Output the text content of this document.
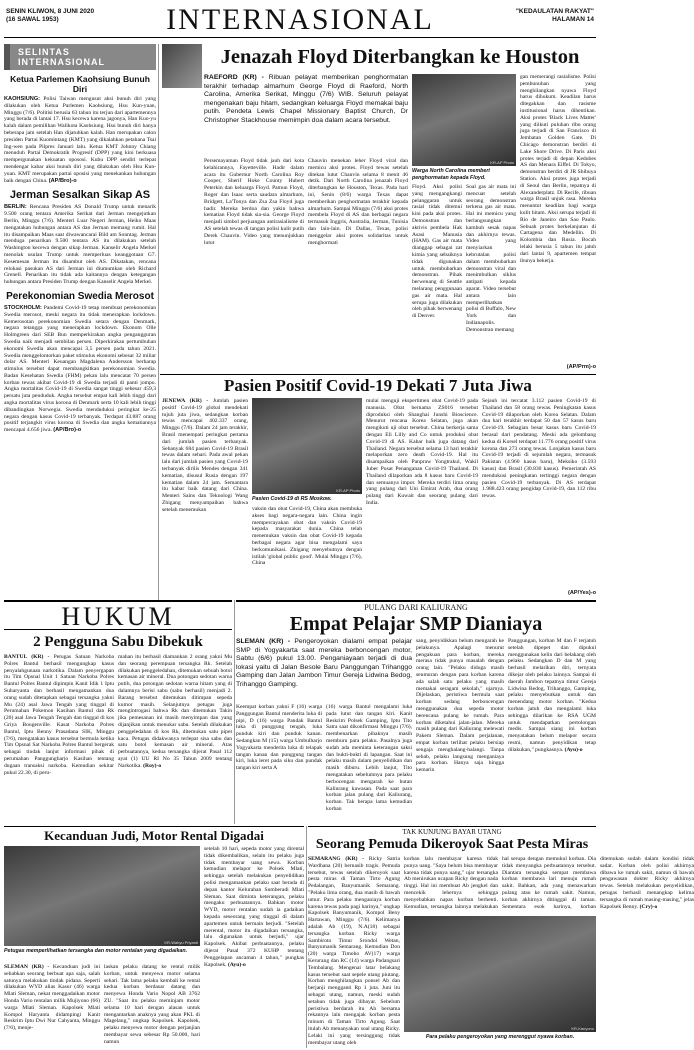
SENIN KLIWON, 8 JUNI 2020
(16 SAWAL 1953)	INTERNASIONAL	"KEDAULATAN RAKYAT"
HALAMAN 14
SELINTAS INTERNASIONAL
Ketua Parlemen Kaohsiung Bunuh Diri
KAOHSIUNG: Polisi Taiwan mengusut aksi bunuh diri yang dilakukan oleh Ketua Parlemen Kaohsiung, Hsu Kun-yuan, Minggu (7/6). Politisi berusia 63 tahun itu terjun dari apartemennya yang berada di lantai 17. Hsu kecewa karena jagonya, Han Kuo-yu kalah dalam pemilihan Walikota Kaohsiung. Hsu bunuh diri hanya beberapa jam setelah Han dijatuhkan kalah. Han merupakan calon presiden Partai Kuomintang (KMT) yang dikalahkan petahana Tsai Ing-wen pada Pilpres Januari lalu. Ketua KMT Johnny Chiang menuduh Partai Demokratik Progresif (DPP) yang kini berkuasa mempergunakan kekuatan opososi. Kubu DPP sendiri terlepat mendengar kabar aksi bunuh diri yang dilakukan oleh Hsu Kun-yuan. KMT merupakan partai oposisi yang menekankan hubungan baik dengan China. (AP/Bro)-o
Jerman Sesalkan Sikap AS
BERLIN: Rencana Presiden AS Donald Trump untuk menarik 9.500 orang tentara Amerika Serikat dari Jerman mengejutkan Berlin, Minggu (7/6). Menteri Luar Negeri Jerman, Heiko Maas mengatakan hubungan antara AS dan Jerman memang rumit. Hal itu disampaikan Maas saat diwawancarai Bild am Sonntag. Jerman menduga penarikan 9.500 tentara AS itu dilakukan setelah Washington kecewa dengan sikap Jerman. Kanselir Angela Merkel menolak usulan Trump untuk memperluas keanggotaan G7. Kesemesan Jerman itu disambut oleh AS. Dikatakan, rencana relokasi pasukan AS dari Jerman ini diumumkan oleh Richard Grenell. Penarikan itu tidak ada kaitannya dengan ketegangan hubungan antara Presiden Trump dengan Kanselir Angela Merkel.
Perekonomian Swedia Merosot
STOCKHOLM: Pandemi Covid-19 tetap membuat perekonomian Swedia merosot, meski negara itu tidak menerapkan lockdown. Kemerosotan perekonomian Swedia setara dengan Denmark, negara tetangga yang menerapkan lockdown. Ekonom Olle Holmgreen dari SEB Bun memperkirakan angka pengangguran Swedia naik menjadi sembilan persen. Diperkirakan pertumbuhan ekonomi Swedia akan mencapai 3,5 persen pada tahun 2021. Swedia menggelontorkan paket stimulus ekonomi sebesar 32 miliar dolar AS. Menteri Keuangan Magdalena Andersson berharap stimulus tersebut dapat membangkitkan perekonomian Swedia. Badan Kesehatan Swedia (FHM) pekan lalu mencatat 70 persen korban tewas akibat Covid-19 di Swedia terjadi di panti jompo. Angka mortalitas Covid-19 di Swedia sangat tinggi sebesar 459,3 persatu juta penduduk. Angka tersebut empat kali lebih tinggi dari angka mortalitas virus korona di Denmark serta 10 kali lebih tinggi dibandingkan Norwegia. Swedia mendudukui peringkat ke-25 negara dengan kasus Covid-19 terbanyak. Terdapat 43.887 orang positif terjangkit virus korona di Swedia dan angka kematiannya mencapai 4.656 jiwa. (AP/Bro)-o
Jenazah Floyd Diterbangkan ke Houston
RAEFORD (KR) - Ribuan pelayat memberikan penghormatan terakhir terhadap almarhum George Floyd di Raeford, North Carolina, Amerika Serikat, Minggu (7/6) WIB. Seluruh pelayat mengenakan baju hitam, sedangkan keluarga Floyd memakai baju putih. Pendeta Lewis Chapel Missionary Baptist Church, Dr Christopher Stackhouse memimpin doa dalam acara tersebut.
Persemayaman Floyd tidak jauh dari kota kelahirannya, Fayetteville. Hadir dalam acara itu Gubernur North Carolina Roy Cooper, Sherif Hoke County Hubert Peterkin dan keluarga Floyd. Pamun Floyd, Roger dan Isaac serta saudara almarhum, Bridgett, La'Tonya dan Zsa Zsa Floyd juga hadir. Mereka berdoa dan yakin bahwa kematian Floyd tidak sia-sia. George Floyd menjadi simbol perjuangan antirasialisme di AS setelah tewas di tangan polisi kulit putih Derek Chauvin. Video yang menunjukkan lutut
Chauvin menekan leher Floyd viral dan memicu aksi protes. Floyd tewas setelah ditekan lutut Chauvin selama 8 menit 46 detik. Dari North Carolina jenazah Floyd diterbangkan ke Houston, Texas. Pada hari ini, Senin (8/6) warga Texas dapat memberikan penghormatan terakhir kepada almarhum. Sampai Minggu (7/6) aksi protes membela Floyd di AS dan berbagai negara termasuk Inggris, Australia, Jerman, Tunisia dan lain-lain. Di Dallas, Texas, polisi menggelar aksi protes solidaritas untuk menghormati
KR-AP Photo
Warga North Carolina memberi penghormatan kepada Floyd.
Floyd. Aksi polisi yang mengangkangi pelanggaran untuk rasial tidak ditemui kini pada aksi protes. Demonstran dan aktivis pembela Hak Asasi Manusia (HAM). Gas air mata dianggap sebagai zat kimia yang sebaiknya tidak digunakan untuk membubarkan demonstran. Pihak berwenang di Seattle melarang penggunaan gas air mata. Hal serupa juga dilakukan oleh pihak berwenang di Denver.
Soal gas air mata ini mencuat setelah seorang demonstran terkena gas air mata. Hal ini memicu yang berlangsungkan kambuh sesak napas dan akhirnya tewas. Video yang menyiarkan kebrutalan polisi dalam membubarkan demonstran viral dan menimbulkan siklus antipati kepada aparat. Video tersebut antara lain memperlihatkan polisi di Buffalo, New York dan Indianapolis. Demonstran memang
gan memerangi rasialisme. Polisi pembunuhan yang menghilangkan nyawa Floyd harus dihukum. Keadilan harus ditegakkan dan rasisme institusional harus dihentikan. Aksi protes 'Black Lives Matter' yang diikuti puluhan ribu orang juga terjadi di San Francisco di Jembatan Golden Gate. Di Chicago demonstran berdiri di Lake Shore Drive. Di Paris aksi protes terjadi di depan Kedubes AS dan Menara Eiffel. Di Tokyo, demonstran berdiri di JR Shibuya Station. Aksi protes juga terjadi di Seoul dan Berlin, tepatnya di Alexanderplatz. Di Recife, ribuan warga Brasil unjuk rasa. Mereka menuntut keadilan bagi warga kulit hitam. Aksi serupa terjadi di Rio de Janeiro dan Sao Paulo. Sebuah protes berkelanjutan di Cartagena dan Medellin. Di Kolombia dan Rusia. Bocah lelaki berusia 5 tahun itu jatuh dari lantai 9, apartemen tempat ibunya bekerja.
(AP/Prm)-o
Pasien Positif Covid-19 Dekati 7 Juta Jiwa
JENEWA (KR) - Jumlah pasien positif Covid-19 global mendekati tujuh juta jiwa, sedangkan korban tewas mencapai 402.337 orang, Minggu (7/6). Dalam 24 jam terakhir, Brasil menempati peringkat pertama dari jumlah pasien terbanyak. Sebanyak 684 pasien Covid-19 Brasil tewas dalam sehari. Pada awal pekan lalu dari jumlah pasien yang Covid-19 terbanyak dirilis Mendes dengan 341 kematian, disusul Rusia dengan 197 kematian dalam 24 jam. Semantara itu kabar baik datang dari China. Menteri Sains dan Teknologi Wang Zhigang menyampaikan bahwa setelah menemukan
KR-AP Photo
Pasien Covid-19 di RS Moskow.
vaksin dan obat Covid-19, China akan membuka akses bagi negara-negara lain. China ingin mempercayakan obat dan vaksin Covid-19 kepada masyarakat dunia. China telah menemukan vaksin dan obat Covid-19 kepada berbagai negara agar bisa mengalami saya berkomunikasi. Zhigang menyebutnya dengan istilah 'global public good'. Mulai Minggu (7/6), China
mulai menguji ekspertimen obat Covid-19 pada manusia. Obat bernama ZS016 tersebut diproduksi oleh Shanghai Junshi Bioscience. Menurut rencana Korea Selatan, juga akan mengikuti uji obat tersebut. China berkerja sama dengan Eli Lilly and Co untuk produksi obat Covid-19 di AS. Kabar baik juga datang dari Thailand. Negara tersebut selama 13 hari terakhir melaporkan zero death Covid-19. Hal itu disampaikan oleh Panpraw Yongtrakul, Wakil Juber Pusat Penanganan Covid-19 Thailand. Di Thailand dilaporkan ada 8 kasus baru Covid-19 dan semuanya impor. Mereka terdiri lima orang yang pulang dari Uni Emirat Arab, dua orang pulang dari Kuwait dan seorang pulang dari India.
Sejauh ini tercatat 3.112 pasien Covid-19 di Thailand dan 58 orang tewas. Peningkatan kasus Covid-19 dilaporkan oleh Korea Selatan. Dalam dua hari terakhir terdapat 50 dan 57 kasus baru Covid-19. Sebagian besar kasus baru Covid-19 berasal dari pendatang. Meski ada gelombang kedua di Korsel terdapat 11.776 orang positif virus korona dan 273 orang tewas. Lonjakan kasus baru Covid-19 terjadi di sejumlah negara, termasuk Pakistan (4.960 kasus baru), Meksiko (3.593 kasus) dan Brasil (30.830 kasus). Pemerintah AS mendukusi peningkatan tertinggi negara dengan pasien Covid-19 terbanyak. Di AS terdapat 1.988.423 orang pengidap Covid-19, dan 112 ribu tewas.
(AP/Yes)-o
HUKUM
2 Pengguna Sabu Dibekuk
BANTUL (KR) - Petugas Satuan Narkoba Polres Bantul berhasil mengungkap kasus penyalahgunaan narkotika. Dalam penyergapan itu Tim Opsnal Unit 1 Satuan Narkoba Polres Bantul Polres Bantul dipimpin Kanit Idik 1 Iptu Suharyanta dan berhasil mengamankan dua orang sudah ditetapkan sebagai tersangka yakni Mu (24) asal Jawa Tengah yang tinggal di Perumahan Pokemon Kasihan Bantul dan Rk (20) asal Jawa Tengah Tengah dan tinggal di kos Griya Bougenville. Kasat Narkoba Polres Bantul, Iptu Benny Prasadana SIK, Minggu (7/6), mengatakan kasus tersebut bermula ketika Tim Opsnal Sat Narkoba Polres Bantul bergerak sebagai tindak lanjut informasi pihak di perumahan Panggungharjo Kasihan tentang dugaan transaksi narkoba. Kemudian sekitar pukul 22.30, di peru-
mahan itu berhasil diamankan 2 orang yakni Mu dan seorang perempuan tersangka Rk. Setelah dilakukan penggeledahan, ditemukan sebuah botol kemasan air mineral. Dua potongan sedotan warna putih, dua potongan sedotan warna hitam yang di dalamnya berisi sabu (sabu berhasil) menjadi 2. Barang tersebut ditemukan ditimpan sepeda kumor masih. Selanjutnya petugas juga mengintrogasi bahwa Rk dan ditemukan Takin jika pemesanan ini masih menyimpan dan yang dijanjikan untuk menukar sabu. Setelah dilakukan penggeledahan di kos Rk, ditemukan satu pipet kaca. Petugas didakwanya terlepat sisa sabu dan satu botol kemasan air mineral. Atas perbuatannya, kedua tersangka dijerat Pasal 112 ayat (1) UU RI No 35 Tahun 2009 tentang Narkotika. (Roy)-o
PULANG DARI KALIURANG
Empat Pelajar SMP Dianiaya
SLEMAN (KR) - Pengeroyokan dialami empat pelajar SMP di Yogyakarta saat mereka berboncengan motor, Sabtu (6/6) pukul 13.00. Penganiayaan terjadi di dua lokasi yaitu di Jalan Besole Baru Panggungan Trihanggo Gamping dan Jalan Jambon Timur Gereja Lidwina Bedog, Trihanggo Gamping.
Keempat korban yakni F (16) warga Panggungan Bantul menderita luka di pipi, D (16) warga Pandak Bantul luka di punggung tengah, luka punduk kiri dan punduk kanan. Sedangkan M (15) warga Umbulharjo Yogyakarta menderita luka di telapak tangan kanan dan punggung tangan kiri, luka leret pada siku dan pundak tangan kiri serta A
(16) warga Bantul mengalami luka pada lutut dan tangan kiri. Kanit Reskrim Polsek Gamping, Iptu Tito Satra saat dikonfirmasi Minggu (7/6), membenarkan pihaknya masih memburu para pelaku. Pasalnya juga sudah ada meminta keterangan saksi dan bukti-bukti di lapangan. Saat ini pelaku masih dalam penyelidikan dan masih diburu. Lebih lanjut, Tito mengatakan sebelumnya para pelaku berbocengan mengarah ke hutan Kaliurang kawasan. Pada saat para korban jalan pulang dari Kaliurang, korban. Tak berapa lama kemudian korban
sang, penyidikkan belum mengarah ke pelakunya. Apalagi menurut pengakuan para korban, mereka merasa tidak punya masalah dengan orang lain. "Pelaku diduga masih seumuran dengan para korban karena ada salah satu pelaku yang masih memakai seragam sekolah," ujarnya. Dijelaskan, peristiwa bermula saat korban sedang berboncengan menggunakan dua sepeda motor berencana pulang ke rumah. Para korban diketahui jalan-jalan. Mereka masih pulang dari Kaliurang melewati Pakem Sleman. Dalam perjalanan, empat korban terlihat pelaku bersiap sengaja menghalang-halangi. Tanpa sebab, pelaku langsung menganiaya para korban. Hanya saja hingga kemarin
Panggungan, korban M dan F terjatuh setelah dipepet dan dipukul menggunakan kelin dari belakang oleh pelaku. Sedangkan D dan M yang berhasil melarikan diri, ternyata dikejar oleh pelaku lainnya. Sampai di daerah Jambon tepatnya timur Gereja Lidwina Bedog, Trihanggo, Gamping, pelaku menyebutkan untuk dan menendang motor korban. "Kedua korban jatuh dan mengalami luka sehingga dilarikan ke RSA UGM untuk mendapatkan pertolongan medis. Sampai siang ini korban menyatakan belum melapor secara resmi, namun penyidikan tetap dilakukan," pungkasnya. (Ayu)-o
Kecanduan Judi, Motor Rental Digadai
KR-Wahyu Priyanti
Petugas memperlihatkan tersangka dan motor rentalan yang digadaikan.
SLEMAN (KR) - Kecanduan judi ini sebabkan seorang berbuat apa saja, salah satunya melakukan tindak pidana. Seperti dilakukan WYD alias Kasur (46) warga Mlati Sleman, nekat menggadaikan motor Honda Vario rentalan milik Mujiyono (66) warga Mlati Sleman. Kapolsek Mlati Kompol Haryanta didampingi Kanit Reskrim Iptu Dwi Nur Cahyanta, Minggu (7/6), menje-
laskan pelaku datang ke rental milik korban, untuk menyewa motor selama sehari. Tak lama pelaku kembali ke rental kedua korban berdasar datang dan menyewa Honda Vario Nopol AB 3762 ZU. "Saat itu pelaku meminjam motor selama 10 hari dengan alasan untuk mengantarkan anaknya yang akan PKL di Magelang," ungkap Kapolsek. Kapolsek, pelaku menyewa motor dengan perjanjian membayar sewa sebesar Rp 50.000, hari namun
setelah 10 hari, sepeda motor yang dirental tidak dikembalikan, selain itu pelaku juga tidak membayar uang sewa. Korban kemudian melapor ke Polsek Mlati, sehingga setelah melakukan penyelidikan polisi mengamankan pelaku saat berada di depan kantor Kelurahan Sumberadi Mlati Sleman. Saat diminta keterangan, pelaku mengaku perbuatannya. Bahkan motor WYD, motor rentalan sudah ia gadaikan kepada seseorang yang tinggal di dalam apartemen untuk bermain berjudi. "Setelah merental, motor itu digadaikan tersangka, lalu digunakan untuk berjudi," ujar Kapolsek. Akibat perbuatannya, pelaku dijerat Pasal 372 KUHP tentang Penggelapan ancaman 4 tahun," pungkas Kapolsek. (Ayu)-o
TAK KUNJUNG BAYAR UTANG
Seorang Pemuda Dikeroyok Saat Pesta Miras
SEMARANG (KR) - Ricky Satria Wardhana (20) bernasib tragis. Pemuda tersebut, tewas setelah dikeroyok saat pesta miras di Taman Tirto Agung Pedalangan, Banyumanik Semarang. "Pelaku lima orang, dua masih di bawah umur. Para pelaku menganiaya korban karena tewas pada pagi harinya," ungkap Kapolsek Banyumanik, Kompol Beny Hartawan, Minggu (7/6). Kelimanya adalah Ab (19), N.A(18) sebagai tersangka korban Ricky warga Sambiroto Timur Srondol Wetan, Banyumanik Semarang. Kemudian Don (20) warga Timoho AV(17) warga Kerurang dan RC (14) warga Padangsari Tembalang. Mengenai latar belakang kasus tersebut saat sepele utang piutang. Korban menghilangkan ponsel Ab dan berjanji mengganti Rp 1 juta. Juni itu sebagai utang, namun, meski sudah setahun tidak juga dibayar. Sebelum peristiwa berdarah itu Ab bersama rekannya lain mengajak korban pesta minum di Taman Tirto Agung. Saat itulah Ab menanyakan soal utang Ricky. Lelaki ini yang tersinggung tidak membayar utang oleh
korban lalu membayar karena tidak punya uang. "Saya belum bisa membayar karena tidak punya uang," ujar tersangka Ab menirukan ucapan Ricky dengan nada tinggi. Hal ini membuat Ab jengkel dan mencekik lehernya sehingga menyebabkan napas korban berhenti. Kemudian, tersangka lainnya melakukan hal serupa dengan memukul korban. Dia tidak menyangka perbuatannya tersebut. Diantara tersangka sempat membawa korban membawa lari menuju rumah sakit. Bahkan, ada yang menawarkan pulang atau ke rumah sakit. Namun, korban akhirnya ditinggal di taman. Sementara esok harinya, korban ditemukan sudah dalam kondisi tidak sadar. Korban oleh polisi akhirnya dibawa ke rumah sakit, namun di bawah pengawasan dokter Ricky akhirnya tewas. Setelah melakukan penyelidikan, petugas berhasil menangkap kelima tersangka di rumah masing-masing," jelas Kapolsek Benny. (Cry)-o
KR-Kanyono
Para pelaku pengeroyokan yang merenggut nyawa korban.
